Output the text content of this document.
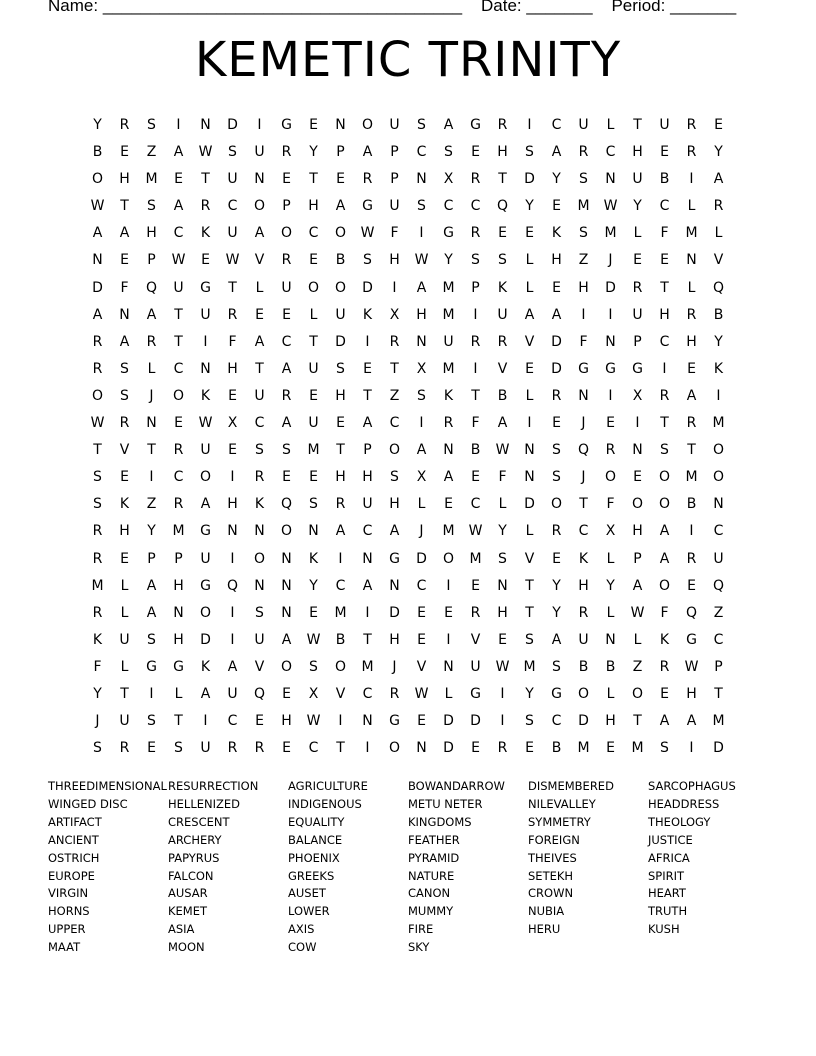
Name: ______________________________________ Date: _______ Period: _______
KEMETIC TRINITY
Y	R	S	I	N	D	I	G	E	N	O	U	S	A	G	R	I	C	U	L	T	U	R	E
B	E	Z	A	W	S	U	R	Y	P	A	P	C	S	E	H	S	A	R	C	H	E	R	Y
O	H	M	E	T	U	N	E	T	E	R	P	N	X	R	T	D	Y	S	N	U	B	I	A
W	T	S	A	R	C	O	P	H	A	G	U	S	C	C	Q	Y	E	M	W	Y	C	L	R
A	A	H	C	K	U	A	O	C	O	W	F	I	G	R	E	E	K	S	M	L	F	M	L
N	E	P	W	E	W	V	R	E	B	S	H	W	Y	S	S	L	H	Z	J	E	E	N	V
D	F	Q	U	G	T	L	U	O	O	D	I	A	M	P	K	L	E	H	D	R	T	L	Q
A	N	A	T	U	R	E	E	L	U	K	X	H	M	I	U	A	A	I	I	U	H	R	B
R	A	R	T	I	F	A	C	T	D	I	R	N	U	R	R	V	D	F	N	P	C	H	Y
R	S	L	C	N	H	T	A	U	S	E	T	X	M	I	V	E	D	G	G	G	I	E	K
O	S	J	O	K	E	U	R	E	H	T	Z	S	K	T	B	L	R	N	I	X	R	A	I
W	R	N	E	W	X	C	A	U	E	A	C	I	R	F	A	I	E	J	E	I	T	R	M
T	V	T	R	U	E	S	S	M	T	P	O	A	N	B	W	N	S	Q	R	N	S	T	O
S	E	I	C	O	I	R	E	E	H	H	S	X	A	E	F	N	S	J	O	E	O	M	O
S	K	Z	R	A	H	K	Q	S	R	U	H	L	E	C	L	D	O	T	F	O	O	B	N
R	H	Y	M	G	N	N	O	N	A	C	A	J	M	W	Y	L	R	C	X	H	A	I	C
R	E	P	P	U	I	O	N	K	I	N	G	D	O	M	S	V	E	K	L	P	A	R	U
M	L	A	H	G	Q	N	N	Y	C	A	N	C	I	E	N	T	Y	H	Y	A	O	E	Q
R	L	A	N	O	I	S	N	E	M	I	D	E	E	R	H	T	Y	R	L	W	F	Q	Z
K	U	S	H	D	I	U	A	W	B	T	H	E	I	V	E	S	A	U	N	L	K	G	C
F	L	G	G	K	A	V	O	S	O	M	J	V	N	U	W	M	S	B	B	Z	R	W	P
Y	T	I	L	A	U	Q	E	X	V	C	R	W	L	G	I	Y	G	O	L	O	E	H	T
J	U	S	T	I	C	E	H	W	I	N	G	E	D	D	I	S	C	D	H	T	A	A	M
S	R	E	S	U	R	R	E	C	T	I	O	N	D	E	R	E	B	M	E	M	S	I	D
THREEDIMENSIONAL
WINGED DISC
ARTIFACT
ANCIENT
OSTRICH
EUROPE
VIRGIN
HORNS
UPPER
MAAT
RESURRECTION
HELLENIZED
CRESCENT
ARCHERY
PAPYRUS
FALCON
AUSAR
KEMET
ASIA
MOON
AGRICULTURE
INDIGENOUS
EQUALITY
BALANCE
PHOENIX
GREEKS
AUSET
LOWER
AXIS
COW
BOWANDARROW
METU NETER
KINGDOMS
FEATHER
PYRAMID
NATURE
CANON
MUMMY
FIRE
SKY
DISMEMBERED
NILEVALLEY
SYMMETRY
FOREIGN
THEIVES
SETEKH
CROWN
NUBIA
HERU
SARCOPHAGUS
HEADDRESS
THEOLOGY
JUSTICE
AFRICA
SPIRIT
HEART
TRUTH
KUSH
